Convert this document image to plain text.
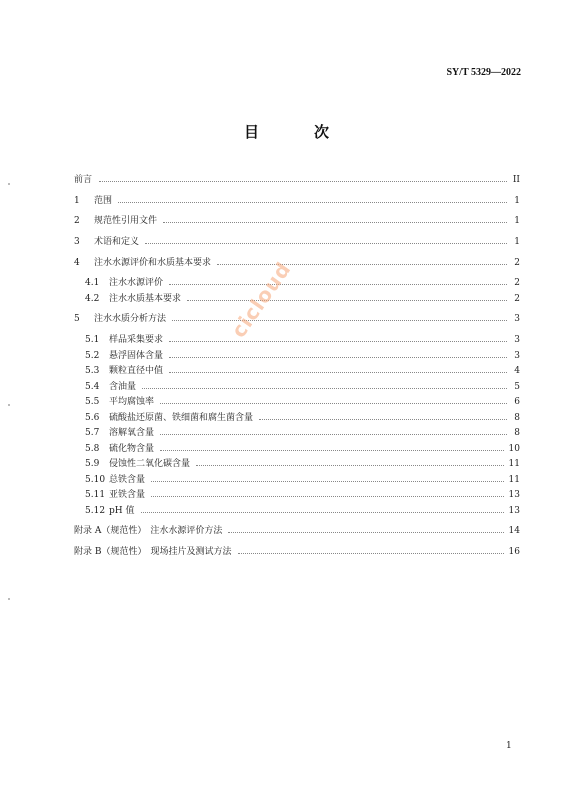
SY/T 5329—2022
目　次
前言	II
1	范围	1
2	规范性引用文件	1
3	术语和定义	1
4	注水水源评价和水质基本要求	2
4.1	注水水源评价	2
4.2	注水水质基本要求	2
5	注水水质分析方法	3
5.1	样品采集要求	3
5.2	悬浮固体含量	3
5.3	颗粒直径中值	4
5.4	含油量	5
5.5	平均腐蚀率	6
5.6	硫酸盐还原菌、铁细菌和腐生菌含量	8
5.7	溶解氧含量	8
5.8	硫化物含量	10
5.9	侵蚀性二氧化碳含量	11
5.10 总铁含量	11
5.11 亚铁含量	13
5.12 pH 值	13
附录 A（规范性） 注水水源评价方法	14
附录 B（规范性） 现场挂片及测试方法	16
cicloud
1
